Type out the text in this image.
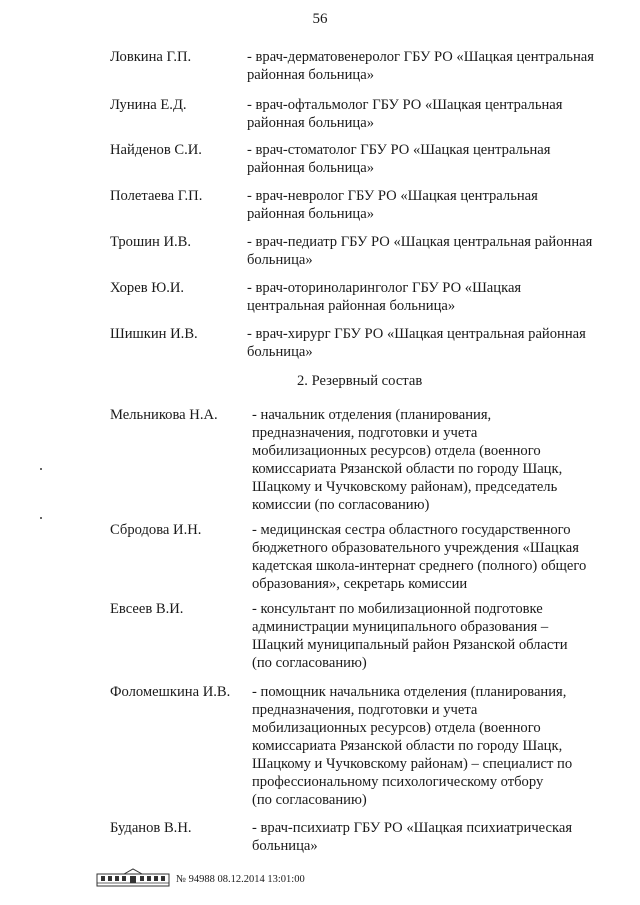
56
Ловкина Г.П.	- врач-дерматовенеролог ГБУ РО «Шацкая центральная
районная больница»
Лунина Е.Д.	- врач-офтальмолог ГБУ РО «Шацкая центральная
районная больница»
Найденов С.И.	- врач-стоматолог ГБУ РО «Шацкая центральная
районная больница»
Полетаева Г.П.	- врач-невролог ГБУ РО «Шацкая центральная
районная больница»
Трошин И.В.	- врач-педиатр ГБУ РО «Шацкая центральная районная
больница»
Хорев Ю.И.	- врач-оториноларинголог ГБУ РО «Шацкая
центральная районная больница»
Шишкин И.В.	- врач-хирург ГБУ РО «Шацкая центральная районная
больница»
2. Резервный состав
Мельникова Н.А. - начальник отделения (планирования,
предназначения, подготовки и учета
мобилизационных ресурсов) отдела (военного
комиссариата Рязанской области по городу Шацк,
Шацкому и Чучковскому районам), председатель
комиссии (по согласованию)
Сбродова И.Н.	- медицинская сестра областного государственного
бюджетного образовательного учреждения «Шацкая
кадетская школа-интернат среднего (полного) общего
образования», секретарь комиссии
Евсеев В.И.	- консультант по мобилизационной подготовке
администрации муниципального образования –
Шацкий муниципальный район Рязанской области
(по согласованию)
Фоломешкина И.В. - помощник начальника отделения (планирования,
предназначения, подготовки и учета
мобилизационных ресурсов) отдела (военного
комиссариата Рязанской области по городу Шацк,
Шацкому и Чучковскому районам) – специалист по
профессиональному психологическому отбору
(по согласованию)
Буданов В.Н.	- врач-психиатр ГБУ РО «Шацкая психиатрическая
больница»
№ 94988 08.12.2014 13:01:00
